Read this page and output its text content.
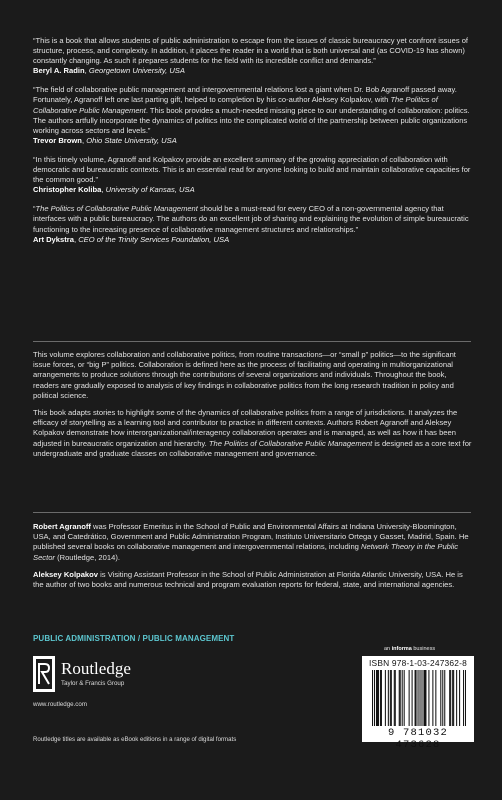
“This is a book that allows students of public administration to escape from the issues of classic bureaucracy yet confront issues of structure, process, and complexity. In addition, it places the reader in a world that is both universal and (as COVID-19 has shown) constantly changing. As such it prepares students for the field with its incredible conflict and demands.”

Beryl A. Radin, Georgetown University, USA

“The field of collaborative public management and intergovernmental relations lost a giant when Dr. Bob Agranoff passed away. Fortunately, Agranoff left one last parting gift, helped to completion by his co-author Aleksey Kolpakov, with The Politics of Collaborative Public Management. This book provides a much-needed missing piece to our understanding of collaboration: politics. The authors artfully incorporate the dynamics of politics into the complicated world of the partnership between public organizations working across sectors and levels.”

Trevor Brown, Ohio State University, USA

“In this timely volume, Agranoff and Kolpakov provide an excellent summary of the growing appreciation of collaboration with democratic and bureaucratic contexts. This is an essential read for anyone looking to build and maintain collaborative capacities for the common good.”

Christopher Koliba, University of Kansas, USA

“The Politics of Collaborative Public Management should be a must-read for every CEO of a non-governmental agency that interfaces with a public bureaucracy. The authors do an excellent job of sharing and explaining the evolution of simple bureaucratic functioning to the increasing presence of collaborative management structures and relationships.”

Art Dykstra, CEO of the Trinity Services Foundation, USA

This volume explores collaboration and collaborative politics, from routine transactions—or “small p” politics—to the significant issue forces, or “big P” politics. Collaboration is defined here as the process of facilitating and operating in multiorganizational arrangements to produce solutions through the contributions of several organizations and individuals. Throughout the book, readers are gradually exposed to analysis of key findings in collaborative politics from the long research tradition in policy and political science.

This book adapts stories to highlight some of the dynamics of collaborative politics from a range of jurisdictions. It analyzes the efficacy of storytelling as a learning tool and contributor to practice in different contexts. Authors Robert Agranoff and Aleksey Kolpakov demonstrate how interorganizational/interagency collaboration operates and is managed, as well as how it has been adjusted in bureaucratic organization and hierarchy. The Politics of Collaborative Public Management is designed as a core text for undergraduate and graduate classes on collaborative management and governance.

Robert Agranoff was Professor Emeritus in the School of Public and Environmental Affairs at Indiana University-Bloomington, USA, and Catedrático, Government and Public Administration Program, Instituto Universitario Ortega y Gasset, Madrid, Spain. He published several books on collaborative management and intergovernmental relations, including Network Theory in the Public Sector (Routledge, 2014).

Aleksey Kolpakov is Visiting Assistant Professor in the School of Public Administration at Florida Atlantic University, USA. He is the author of two books and numerous technical and program evaluation reports for federal, state, and international agencies.

PUBLIC ADMINISTRATION / PUBLIC MANAGEMENT
Routledge
Taylor & Francis Group
www.routledge.com
Routledge titles are available as eBook editions in a range of digital formats
an informa business
ISBN 978-1-03-247362-8
9 781032 473628
